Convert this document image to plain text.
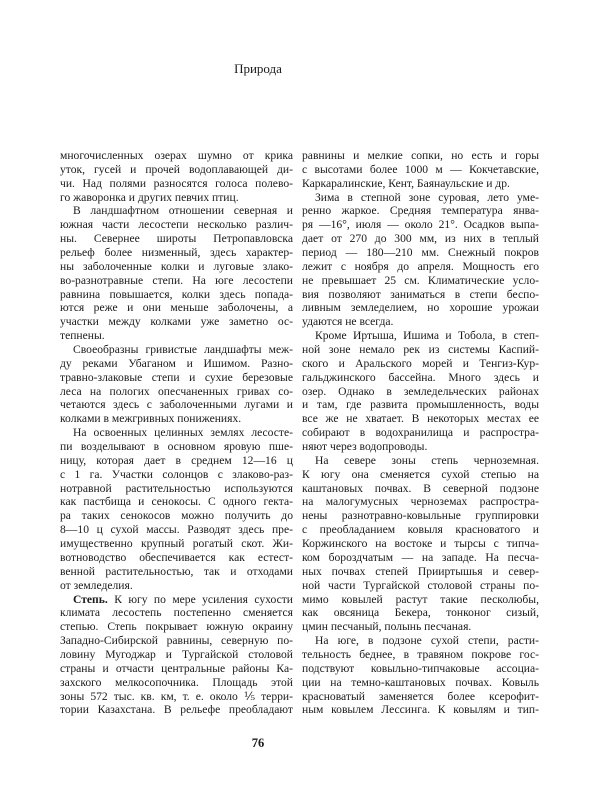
Природа
многочисленных озерах шумно от крика
уток, гусей и прочей водоплавающей ди-
чи. Над полями разносятся голоса полево-
го жаворонка и других певчих птиц.
В ландшафтном отношении северная и
южная части лесостепи несколько различ-
ны. Севернее широты Петропавловска
рельеф более низменный, здесь характер-
ны заболоченные колки и луговые злако-
во-разнотравные степи. На юге лесостепи
равнина повышается, колки здесь попада-
ются реже и они меньше заболочены, а
участки между колками уже заметно ос-
тепнены.
Своеобразны гривистые ландшафты меж-
ду реками Убаганом и Ишимом. Разно-
травно-злаковые степи и сухие березовые
леса на пологих опесчаненных гривах со-
четаются здесь с заболоченными лугами и
колками в межгривных понижениях.
На освоенных целинных землях лесосте-
пи возделывают в основном яровую пше-
ницу, которая дает в среднем 12—16 ц
с 1 га. Участки солонцов с злаково-раз-
нотравной растительностью используются
как пастбища и сенокосы. С одного гекта-
ра таких сенокосов можно получить до
8—10 ц сухой массы. Разводят здесь пре-
имущественно крупный рогатый скот. Жи-
вотноводство обеспечивается как естест-
венной растительностью, так и отходами
от земледелия.
Степь. К югу по мере усиления сухости
климата лесостепь постепенно сменяется
степью. Степь покрывает южную окраину
Западно-Сибирской равнины, северную по-
ловину Мугоджар и Тургайской столовой
страны и отчасти центральные районы Ка-
захского мелкосопочника. Площадь этой
зоны 572 тыс. кв. км, т. е. около ⅕ терри-
тории Казахстана. В рельефе преобладают
равнины и мелкие сопки, но есть и горы
с высотами более 1000 м — Кокчетавские,
Каркаралинские, Кент, Баянаульские и др.
Зима в степной зоне суровая, лето уме-
ренно жаркое. Средняя температура янва-
ря —16°, июля — около 21°. Осадков выпа-
дает от 270 до 300 мм, из них в теплый
период — 180—210 мм. Снежный покров
лежит с ноября до апреля. Мощность его
не превышает 25 см. Климатические усло-
вия позволяют заниматься в степи беспо-
ливным земледелием, но хорошие урожаи
удаются не всегда.
Кроме Иртыша, Ишима и Тобола, в степ-
ной зоне немало рек из системы Каспий-
ского и Аральского морей и Тенгиз-Кур-
гальджинского бассейна. Много здесь и
озер. Однако в земледельческих районах
и там, где развита промышленность, воды
все же не хватает. В некоторых местах ее
собирают в водохранилища и распростра-
няют через водопроводы.
На севере зоны степь черноземная.
К югу она сменяется сухой степью на
каштановых почвах. В северной подзоне
на малогумусных черноземах распростра-
нены разнотравно-ковыльные группировки
с преобладанием ковыля красноватого и
Коржинского на востоке и тырсы с типча-
ком бороздчатым — на западе. На песча-
ных почвах степей Прииртышья и север-
ной части Тургайской столовой страны по-
мимо ковылей растут такие песколюбы,
как овсяница Бекера, тонконог сизый,
цмин песчаный, полынь песчаная.
На юге, в подзоне сухой степи, расти-
тельность беднее, в травяном покрове гос-
подствуют ковыльно-типчаковые ассоциа-
ции на темно-каштановых почвах. Ковыль
красноватый заменяется более ксерофит-
ным ковылем Лессинга. К ковылям и тип-
76
